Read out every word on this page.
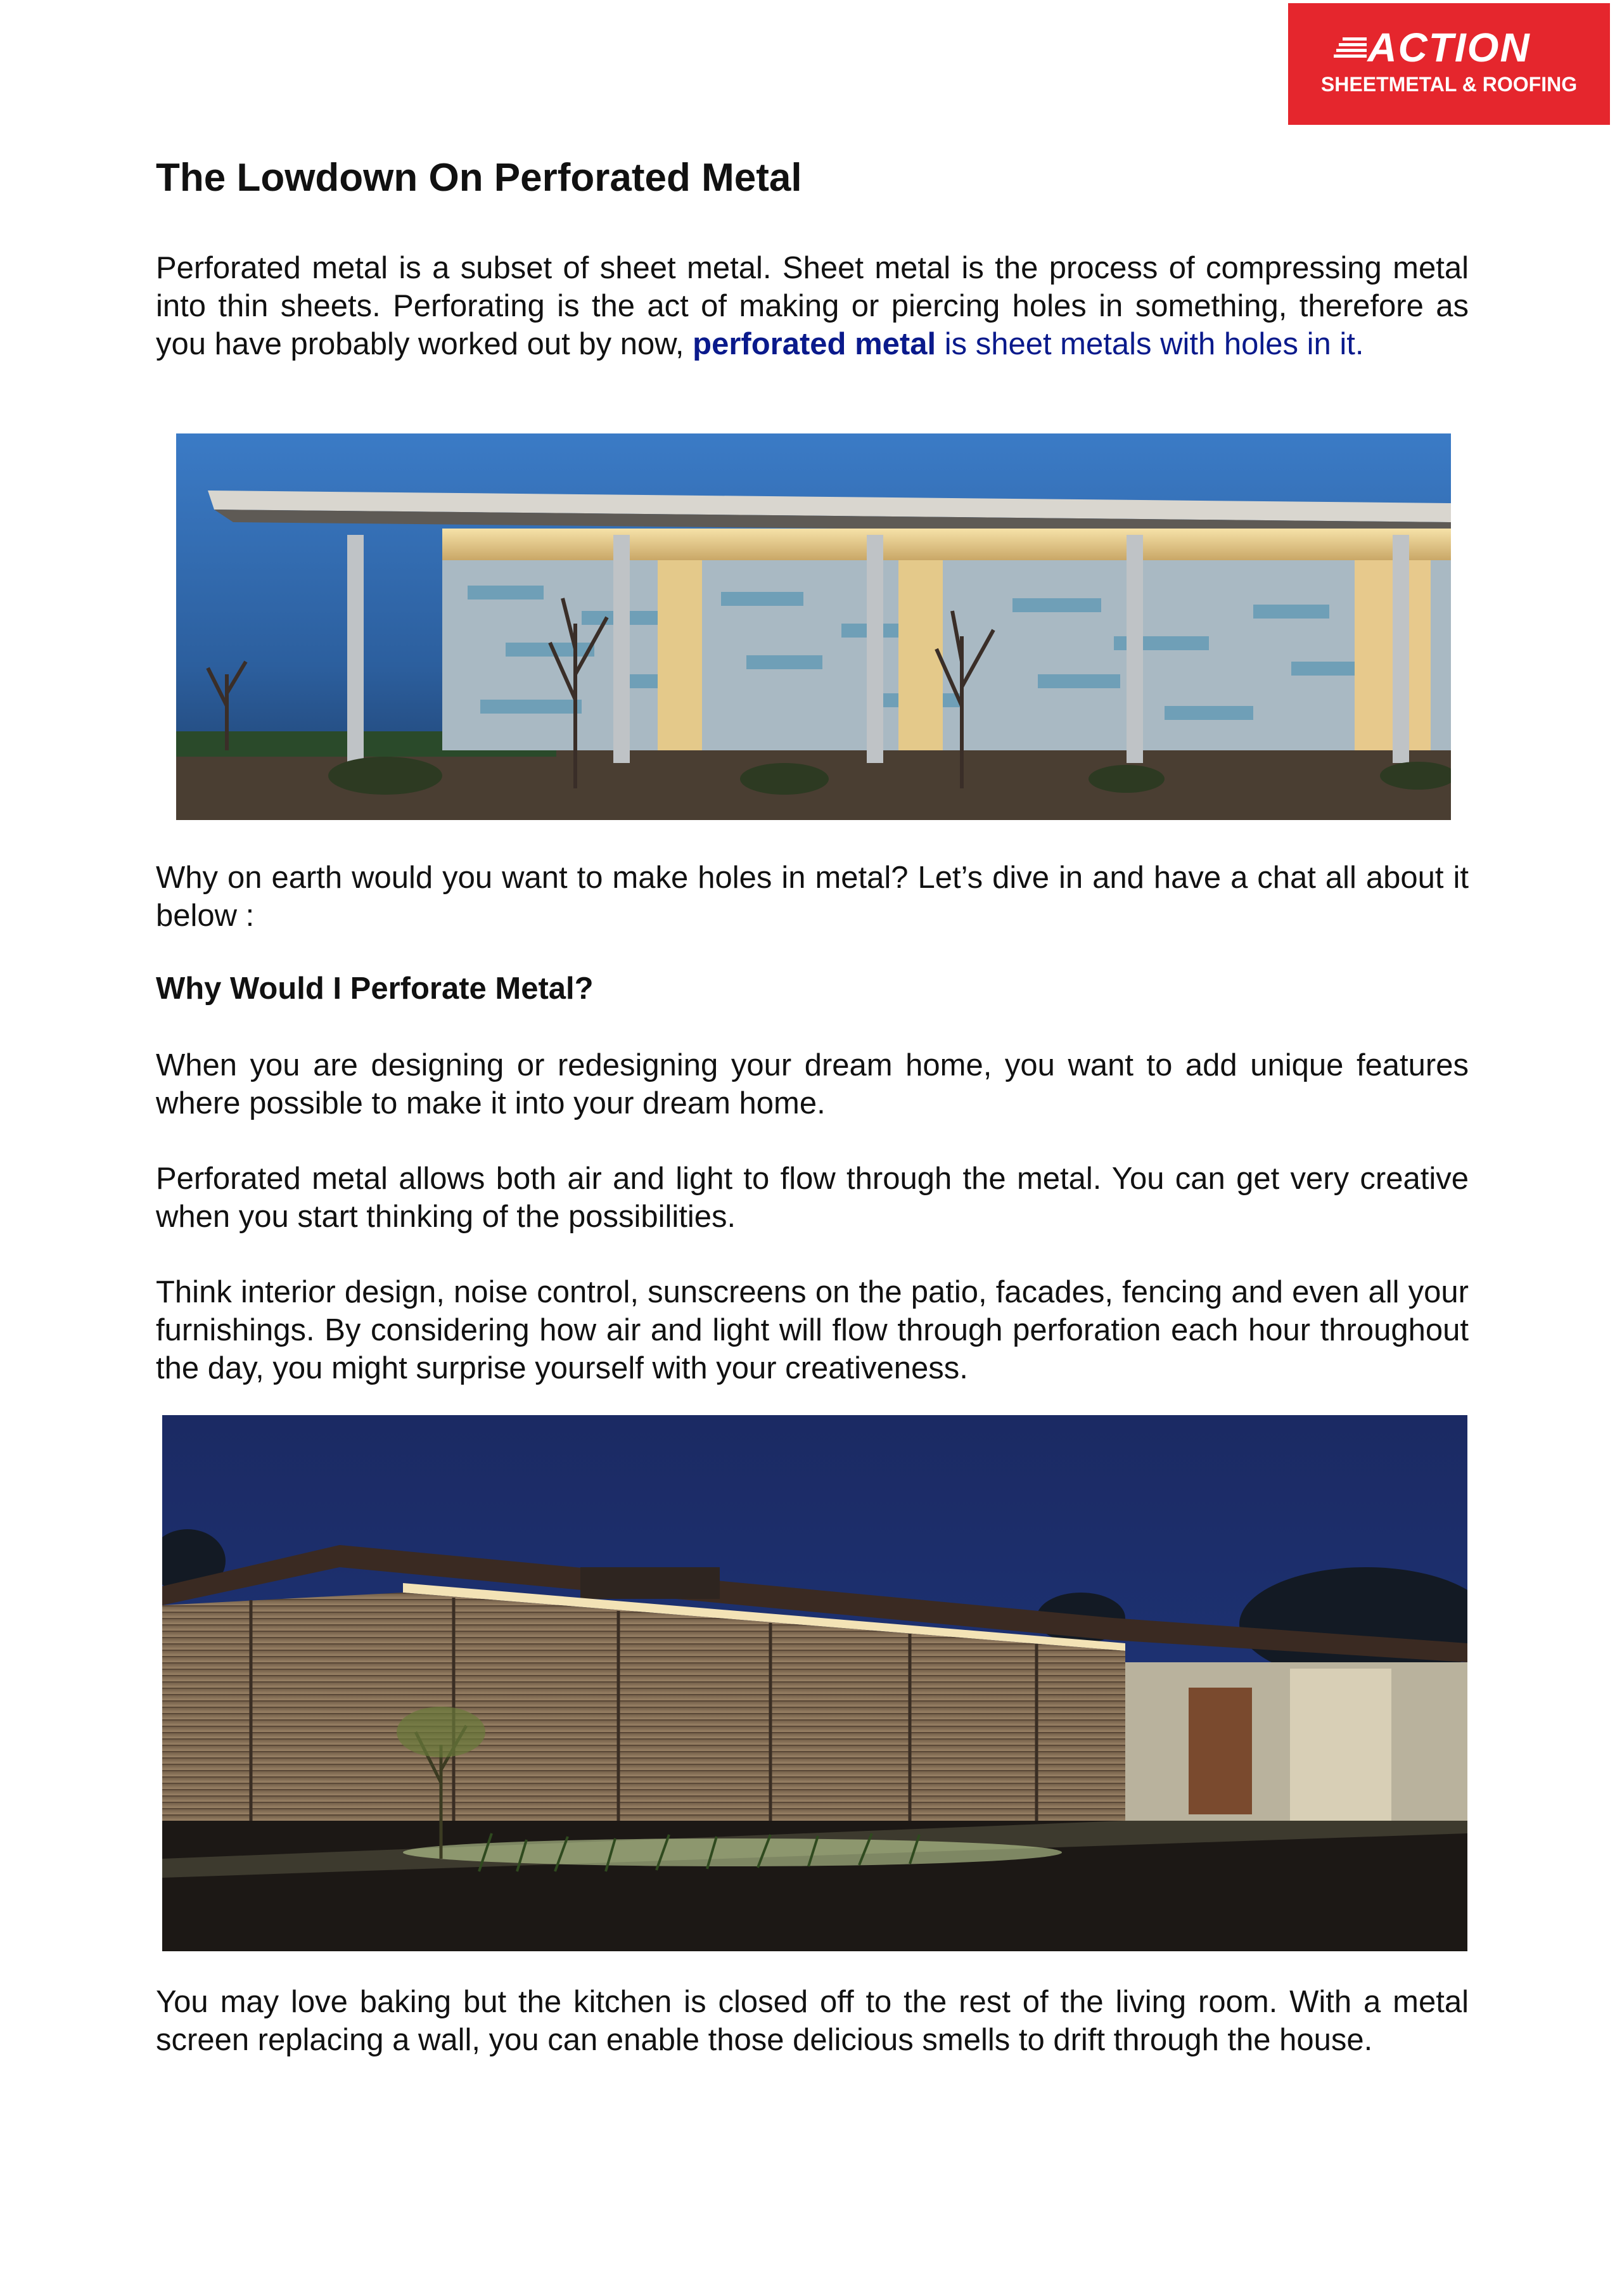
ACTION
SHEETMETAL & ROOFING
The Lowdown On Perforated Metal

Perforated metal is a subset of sheet metal. Sheet metal is the process of compressing metal into thin sheets. Perforating is the act of making or piercing holes in something, therefore as you have probably worked out by now, perforated metal is sheet metals with holes in it.

Why on earth would you want to make holes in metal? Let’s dive in and have a chat all about it below :

Why Would I Perforate Metal?

When you are designing or redesigning your dream home, you want to add unique features where possible to make it into your dream home.

Perforated metal allows both air and light to flow through the metal. You can get very creative when you start thinking of the possibilities.

Think interior design, noise control, sunscreens on the patio, facades, fencing and even all your furnishings. By considering how air and light will flow through perforation each hour throughout the day, you might surprise yourself with your creativeness.

You may love baking but the kitchen is closed off to the rest of the living room. With a metal screen replacing a wall, you can enable those delicious smells to drift through the house.
